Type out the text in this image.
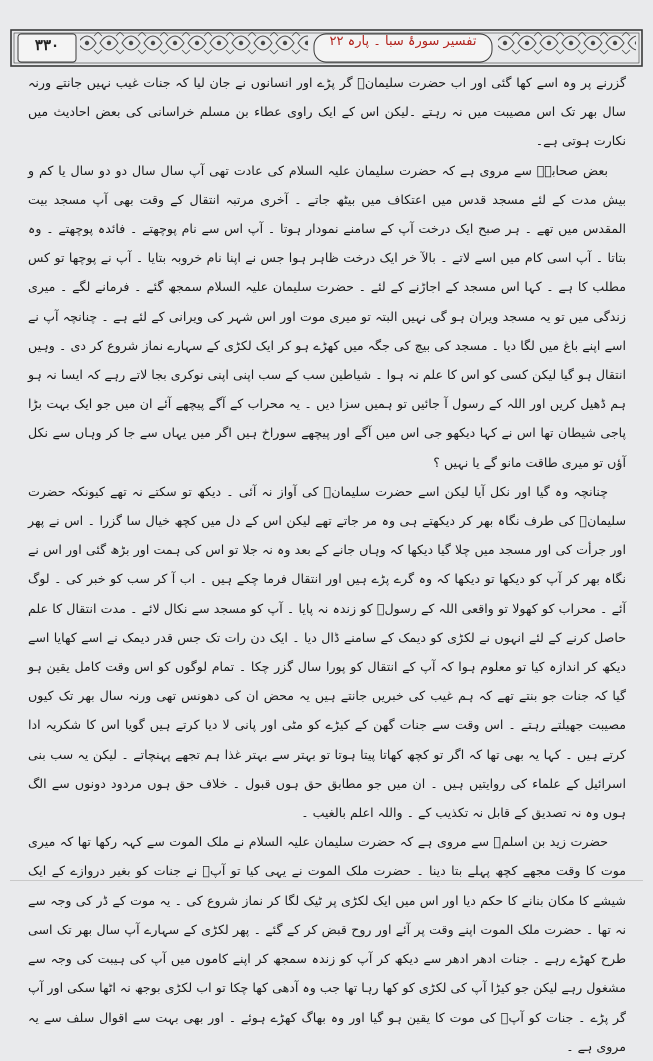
۳۳۰	تفسیر سورۂ سبا ۔ پارہ ۲۲

گزرنے پر وہ اسے کھا گئی اور اب حضرت سلیمانؑ گر پڑے اور انسانوں نے جان لیا کہ جنات غیب نہیں جانتے ورنہ سال بھر تک اس مصیبت میں نہ رہتے ۔لیکن اس کے ایک راوی عطاء بن مسلم خراسانی کی بعض احادیث میں نکارت ہوتی ہے۔

بعض صحابہؓ سے مروی ہے کہ حضرت سلیمان علیہ السلام کی عادت تھی آپ سال سال دو دو سال یا کم و بیش مدت کے لئے مسجد قدس میں اعتکاف میں بیٹھ جاتے ۔ آخری مرتبہ انتقال کے وقت بھی آپ مسجد بیت المقدس میں تھے ۔ ہر صبح ایک درخت آپ کے سامنے نمودار ہوتا ۔ آپ اس سے نام پوچھتے ۔ فائدہ پوچھتے ۔ وہ بتاتا ۔ آپ اسی کام میں اسے لاتے ۔ بالآ خر ایک درخت ظاہر ہوا جس نے اپنا نام خروبہ بتایا ۔ آپ نے پوچھا تو کس مطلب کا ہے ۔ کہا اس مسجد کے اجاڑنے کے لئے ۔ حضرت سلیمان علیہ السلام سمجھ گئے ۔ فرمانے لگے ۔ میری زندگی میں تو یہ مسجد ویران ہو گی نہیں البتہ تو میری موت اور اس شہر کی ویرانی کے لئے ہے ۔ چنانچہ آپ نے اسے اپنے باغ میں لگا دیا ۔ مسجد کی بیچ کی جگہ میں کھڑے ہو کر ایک لکڑی کے سہارے نماز شروع کر دی ۔ وہیں انتقال ہو گیا لیکن کسی کو اس کا علم نہ ہوا ۔ شیاطین سب کے سب اپنی اپنی نوکری بجا لاتے رہے کہ ایسا نہ ہو ہم ڈھیل کریں اور اللہ کے رسول آ جائیں تو ہمیں سزا دیں ۔ یہ محراب کے آگے پیچھے آئے ان میں جو ایک بہت بڑا پاجی شیطان تھا اس نے کہا دیکھو جی اس میں آگے اور پیچھے سوراخ ہیں اگر میں یہاں سے جا کر وہاں سے نکل آؤں تو میری طاقت مانو گے یا نہیں ؟

چنانچہ وہ گیا اور نکل آیا لیکن اسے حضرت سلیمانؑ کی آواز نہ آئی ۔ دیکھ تو سکتے نہ تھے کیونکہ حضرت سلیمانؑ کی طرف نگاہ بھر کر دیکھتے ہی وہ مر جاتے تھے لیکن اس کے دل میں کچھ خیال سا گزرا ۔ اس نے پھر اور جرأت کی اور مسجد میں چلا گیا دیکھا کہ وہاں جانے کے بعد وہ نہ جلا تو اس کی ہمت اور بڑھ گئی اور اس نے نگاہ بھر کر آپ کو دیکھا تو دیکھا کہ وہ گرے پڑے ہیں اور انتقال فرما چکے ہیں ۔ اب آ کر سب کو خبر کی ۔ لوگ آئے ۔ محراب کو کھولا تو واقعی اللہ کے رسولؑ کو زندہ نہ پایا ۔ آپ کو مسجد سے نکال لائے ۔ مدت انتقال کا علم حاصل کرنے کے لئے انہوں نے لکڑی کو دیمک کے سامنے ڈال دیا ۔ ایک دن رات تک جس قدر دیمک نے اسے کھایا اسے دیکھ کر اندازہ کیا تو معلوم ہوا کہ آپ کے انتقال کو پورا سال گزر چکا ۔ تمام لوگوں کو اس وقت کامل یقین ہو گیا کہ جنات جو بنتے تھے کہ ہم غیب کی خبریں جانتے ہیں یہ محض ان کی دھونس تھی ورنہ سال بھر تک کیوں مصیبت جھیلتے رہتے ۔ اس وقت سے جنات گھن کے کیڑے کو مٹی اور پانی لا دیا کرتے ہیں گویا اس کا شکریہ ادا کرتے ہیں ۔ کہا یہ بھی تھا کہ اگر تو کچھ کھاتا پیتا ہوتا تو بہتر سے بہتر غذا ہم تجھے پہنچاتے ۔ لیکن یہ سب بنی اسرائیل کے علماء کی روایتیں ہیں ۔ ان میں جو مطابق حق ہوں قبول ۔ خلاف حق ہوں مردود دونوں سے الگ ہوں وہ نہ تصدیق کے قابل نہ تکذیب کے ۔ واللہ اعلم بالغیب ۔

حضرت زید بن اسلمؓ سے مروی ہے کہ حضرت سلیمان علیہ السلام نے ملک الموت سے کہہ رکھا تھا کہ میری موت کا وقت مجھے کچھ پہلے بتا دینا ۔ حضرت ملک الموت نے یہی کیا تو آپؑ نے جنات کو بغیر دروازے کے ایک شیشے کا مکان بنانے کا حکم دیا اور اس میں ایک لکڑی پر ٹیک لگا کر نماز شروع کی ۔ یہ موت کے ڈر کی وجہ سے نہ تھا ۔ حضرت ملک الموت اپنے وقت پر آئے اور روح قبض کر کے گئے ۔ پھر لکڑی کے سہارے آپ سال بھر تک اسی طرح کھڑے رہے ۔ جنات ادھر ادھر سے دیکھ کر آپ کو زندہ سمجھ کر اپنے کاموں میں آپ کی ہیبت کی وجہ سے مشغول رہے لیکن جو کیڑا آپ کی لکڑی کو کھا رہا تھا جب وہ آدھی کھا چکا تو اب لکڑی بوجھ نہ اٹھا سکی اور آپ گر پڑے ۔ جنات کو آپؑ کی موت کا یقین ہو گیا اور وہ بھاگ کھڑے ہوئے ۔ اور بھی بہت سے اقوال سلف سے یہ مروی ہے ۔
